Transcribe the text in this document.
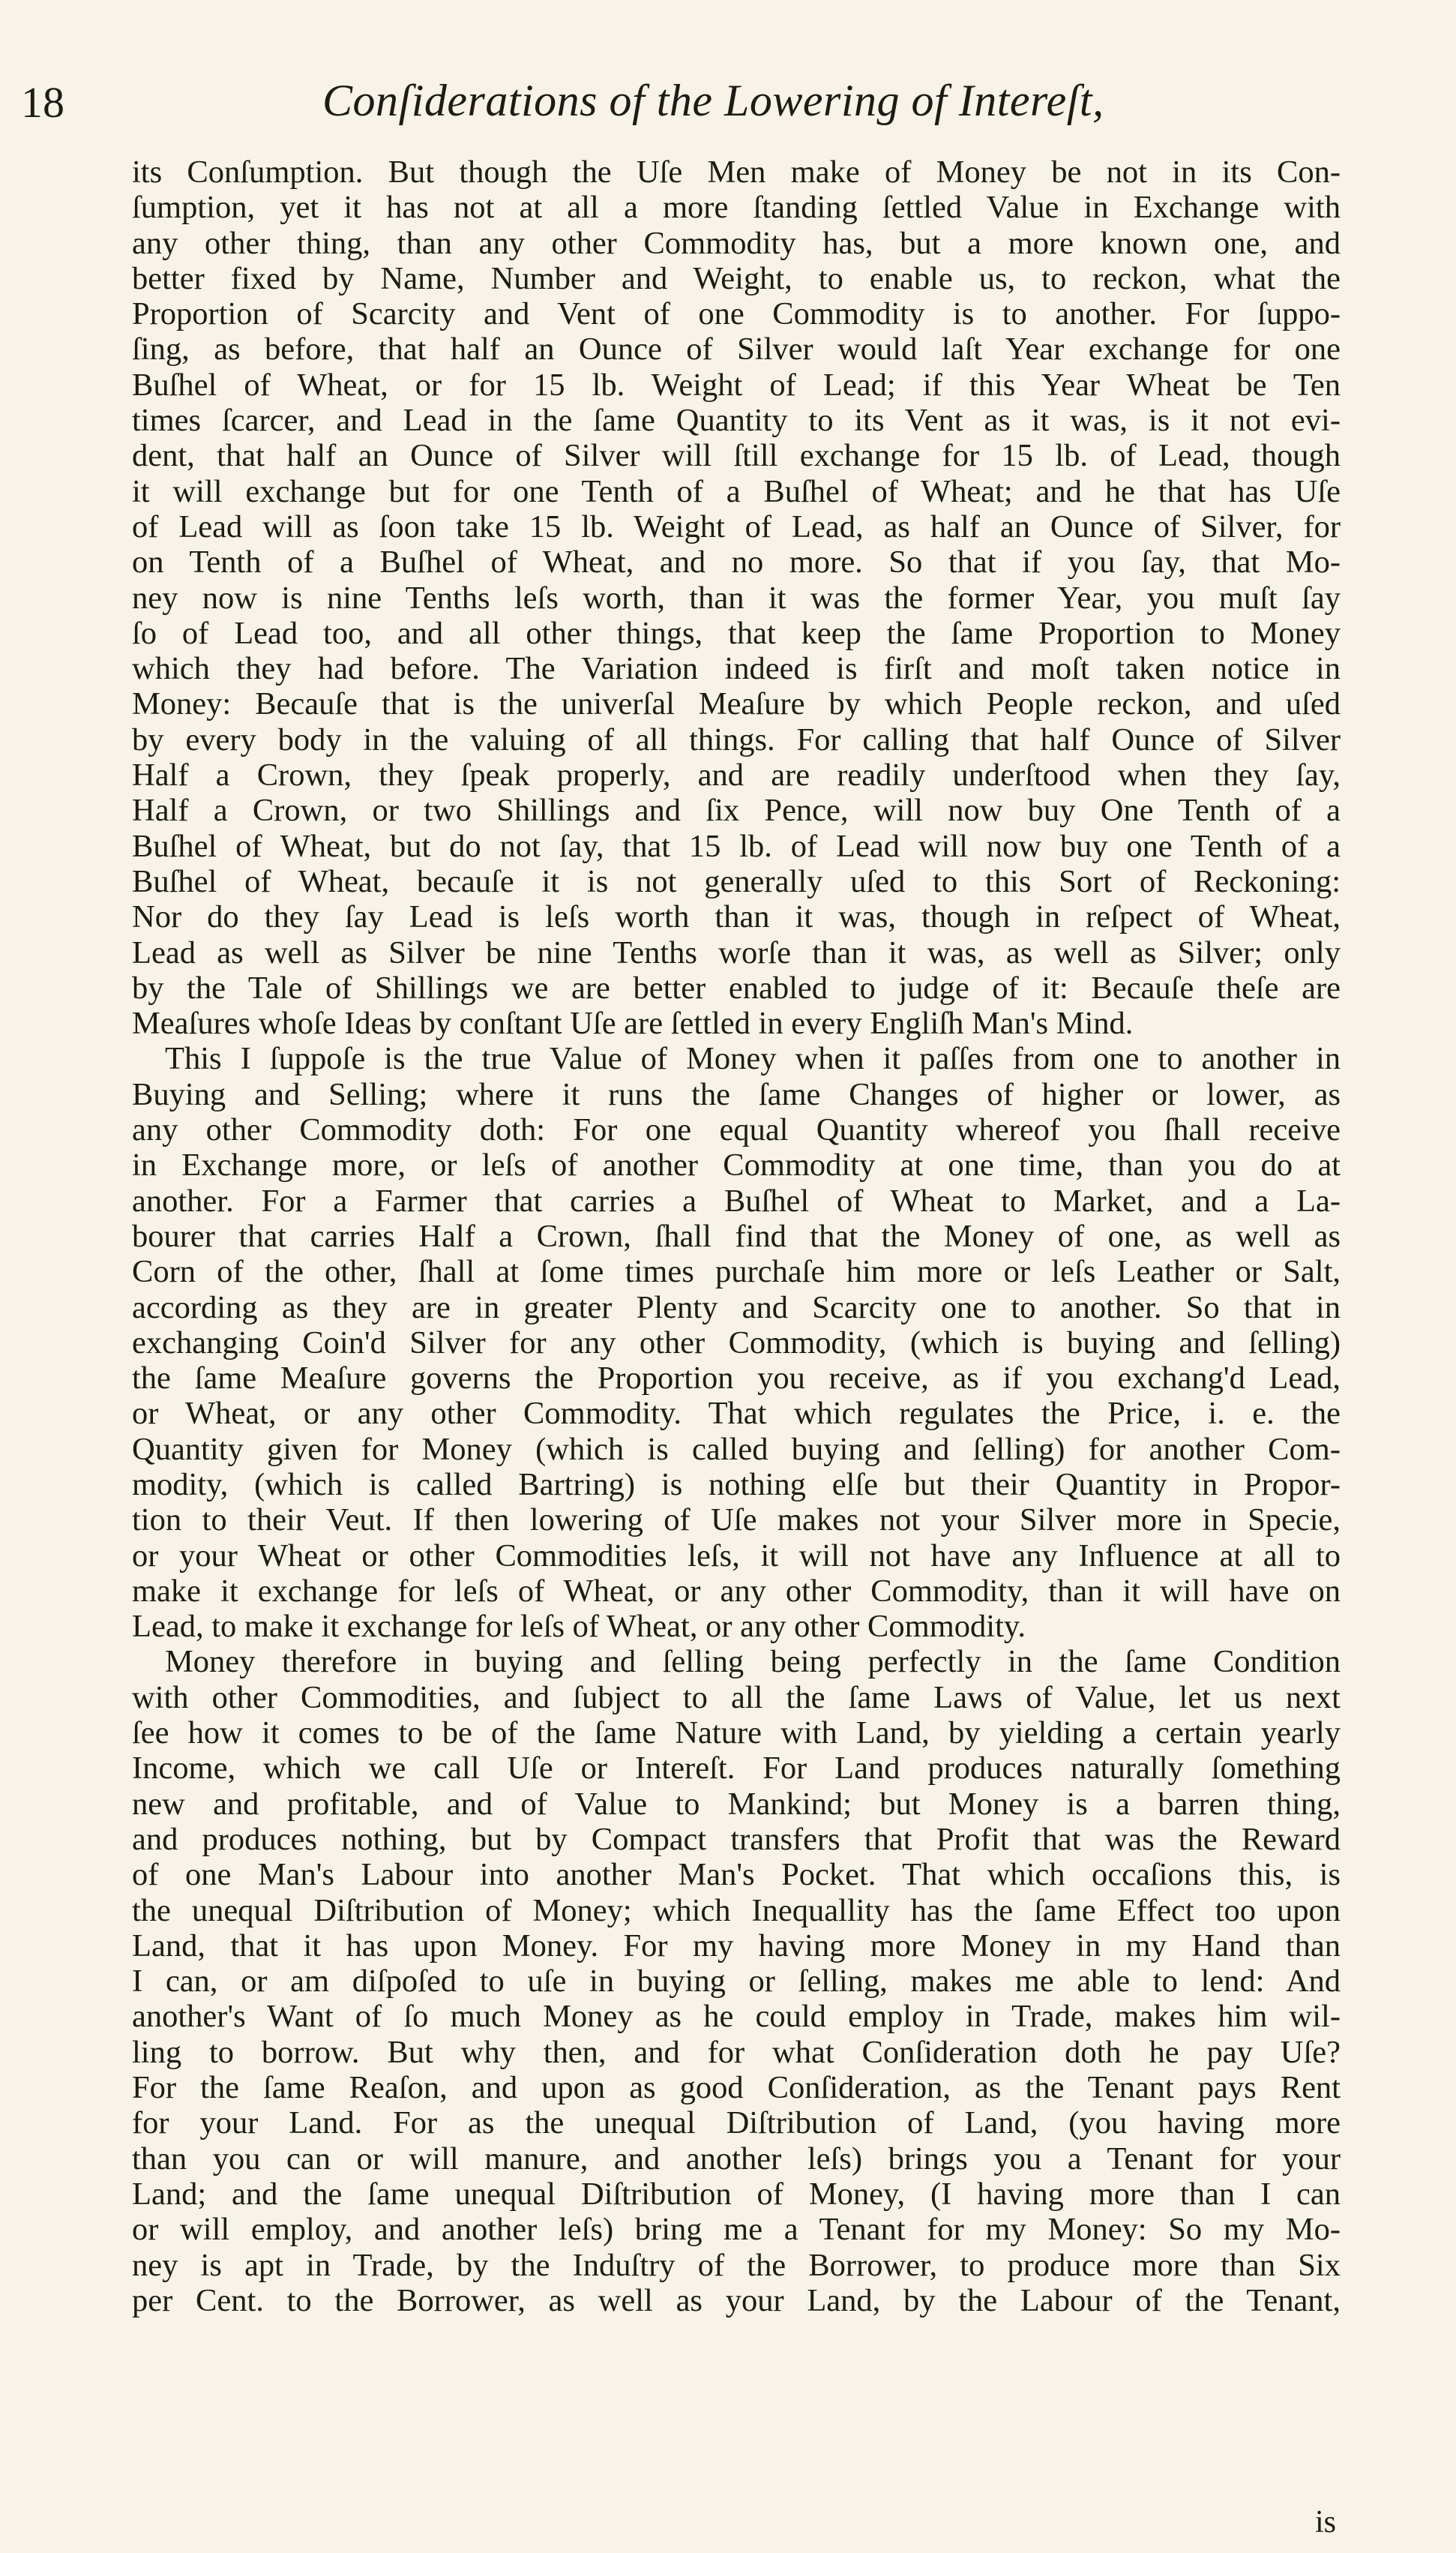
18	Conſiderations of the Lowering of Intereſt,
its Conſumption. But though the Uſe Men make of Money be not in its Con-
ſumption, yet it has not at all a more ſtanding ſettled Value in Exchange with
any other thing, than any other Commodity has, but a more known one, and
better fixed by Name, Number and Weight, to enable us, to reckon, what the
Proportion of Scarcity and Vent of one Commodity is to another. For ſuppo-
ſing, as before, that half an Ounce of Silver would laſt Year exchange for one
Buſhel of Wheat, or for 15 lb. Weight of Lead; if this Year Wheat be Ten
times ſcarcer, and Lead in the ſame Quantity to its Vent as it was, is it not evi-
dent, that half an Ounce of Silver will ſtill exchange for 15 lb. of Lead, though
it will exchange but for one Tenth of a Buſhel of Wheat; and he that has Uſe
of Lead will as ſoon take 15 lb. Weight of Lead, as half an Ounce of Silver, for
on Tenth of a Buſhel of Wheat, and no more. So that if you ſay, that Mo-
ney now is nine Tenths leſs worth, than it was the former Year, you muſt ſay
ſo of Lead too, and all other things, that keep the ſame Proportion to Money
which they had before. The Variation indeed is firſt and moſt taken notice in
Money: Becauſe that is the univerſal Meaſure by which People reckon, and uſed
by every body in the valuing of all things. For calling that half Ounce of Silver
Half a Crown, they ſpeak properly, and are readily underſtood when they ſay,
Half a Crown, or two Shillings and ſix Pence, will now buy One Tenth of a
Buſhel of Wheat, but do not ſay, that 15 lb. of Lead will now buy one Tenth of a
Buſhel of Wheat, becauſe it is not generally uſed to this Sort of Reckoning:
Nor do they ſay Lead is leſs worth than it was, though in reſpect of Wheat,
Lead as well as Silver be nine Tenths worſe than it was, as well as Silver; only
by the Tale of Shillings we are better enabled to judge of it: Becauſe theſe are
Meaſures whoſe Ideas by conſtant Uſe are ſettled in every Engliſh Man's Mind.
This I ſuppoſe is the true Value of Money when it paſſes from one to another in
Buying and Selling; where it runs the ſame Changes of higher or lower, as
any other Commodity doth: For one equal Quantity whereof you ſhall receive
in Exchange more, or leſs of another Commodity at one time, than you do at
another. For a Farmer that carries a Buſhel of Wheat to Market, and a La-
bourer that carries Half a Crown, ſhall find that the Money of one, as well as
Corn of the other, ſhall at ſome times purchaſe him more or leſs Leather or Salt,
according as they are in greater Plenty and Scarcity one to another. So that in
exchanging Coin'd Silver for any other Commodity, (which is buying and ſelling)
the ſame Meaſure governs the Proportion you receive, as if you exchang'd Lead,
or Wheat, or any other Commodity. That which regulates the Price, i. e. the
Quantity given for Money (which is called buying and ſelling) for another Com-
modity, (which is called Bartring) is nothing elſe but their Quantity in Propor-
tion to their Veut. If then lowering of Uſe makes not your Silver more in Specie,
or your Wheat or other Commodities leſs, it will not have any Influence at all to
make it exchange for leſs of Wheat, or any other Commodity, than it will have on
Lead, to make it exchange for leſs of Wheat, or any other Commodity.
Money therefore in buying and ſelling being perfectly in the ſame Condition
with other Commodities, and ſubject to all the ſame Laws of Value, let us next
ſee how it comes to be of the ſame Nature with Land, by yielding a certain yearly
Income, which we call Uſe or Intereſt. For Land produces naturally ſomething
new and profitable, and of Value to Mankind; but Money is a barren thing,
and produces nothing, but by Compact transfers that Profit that was the Reward
of one Man's Labour into another Man's Pocket. That which occaſions this, is
the unequal Diſtribution of Money; which Inequallity has the ſame Effect too upon
Land, that it has upon Money. For my having more Money in my Hand than
I can, or am diſpoſed to uſe in buying or ſelling, makes me able to lend: And
another's Want of ſo much Money as he could employ in Trade, makes him wil-
ling to borrow. But why then, and for what Conſideration doth he pay Uſe?
For the ſame Reaſon, and upon as good Conſideration, as the Tenant pays Rent
for your Land. For as the unequal Diſtribution of Land, (you having more
than you can or will manure, and another leſs) brings you a Tenant for your
Land; and the ſame unequal Diſtribution of Money, (I having more than I can
or will employ, and another leſs) bring me a Tenant for my Money: So my Mo-
ney is apt in Trade, by the Induſtry of the Borrower, to produce more than Six
per Cent. to the Borrower, as well as your Land, by the Labour of the Tenant,
is
